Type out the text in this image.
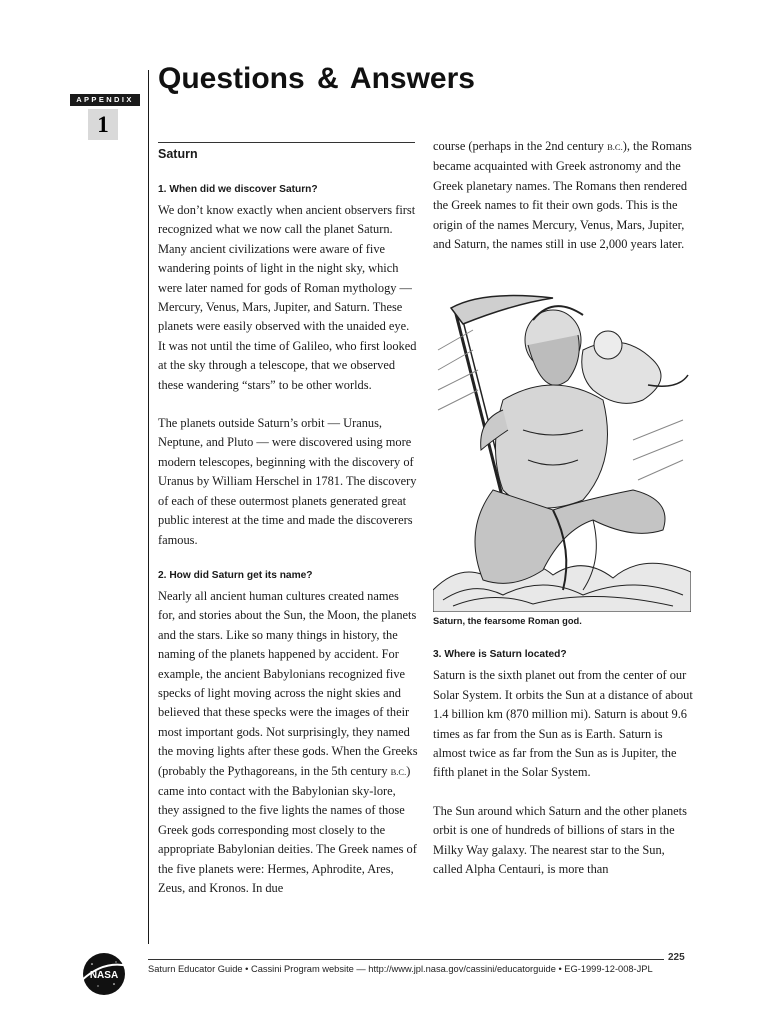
APPENDIX
1
Questions & Answers
Saturn

1. When did we discover Saturn?

We don’t know exactly when ancient observers first recognized what we now call the planet Saturn. Many ancient civilizations were aware of five wandering points of light in the night sky, which were later named for gods of Roman mythology — Mercury, Venus, Mars, Jupiter, and Saturn. These planets were easily observed with the unaided eye. It was not until the time of Galileo, who first looked at the sky through a telescope, that we observed these wandering “stars” to be other worlds.

The planets outside Saturn’s orbit — Uranus, Neptune, and Pluto — were discovered using more modern telescopes, beginning with the discovery of Uranus by William Herschel in 1781. The discovery of each of these outermost planets generated great public interest at the time and made the discoverers famous.

2. How did Saturn get its name?

Nearly all ancient human cultures created names for, and stories about the Sun, the Moon, the planets and the stars. Like so many things in history, the naming of the planets happened by accident. For example, the ancient Babylonians recognized five specks of light moving across the night skies and believed that these specks were the images of their most important gods. Not surprisingly, they named the moving lights after these gods. When the Greeks (probably the Pythagoreans, in the 5th century B.C.) came into contact with the Babylonian sky-lore, they assigned to the five lights the names of those Greek gods corresponding most closely to the appropriate Babylonian deities. The Greek names of the five planets were: Hermes, Aphrodite, Ares, Zeus, and Kronos. In due

course (perhaps in the 2nd century B.C.), the Romans became acquainted with Greek astronomy and the Greek planetary names. The Romans then rendered the Greek names to fit their own gods. This is the origin of the names Mercury, Venus, Mars, Jupiter, and Saturn, the names still in use 2,000 years later.

Saturn, the fearsome Roman god.

3. Where is Saturn located?

Saturn is the sixth planet out from the center of our Solar System. It orbits the Sun at a distance of about 1.4 billion km (870 million mi). Saturn is about 9.6 times as far from the Sun as is Earth. Saturn is almost twice as far from the Sun as is Jupiter, the fifth planet in the Solar System.

The Sun around which Saturn and the other planets orbit is one of hundreds of billions of stars in the Milky Way galaxy. The nearest star to the Sun, called Alpha Centauri, is more than

225
Saturn Educator Guide • Cassini Program website — http://www.jpl.nasa.gov/cassini/educatorguide • EG-1999-12-008-JPL
NASA
